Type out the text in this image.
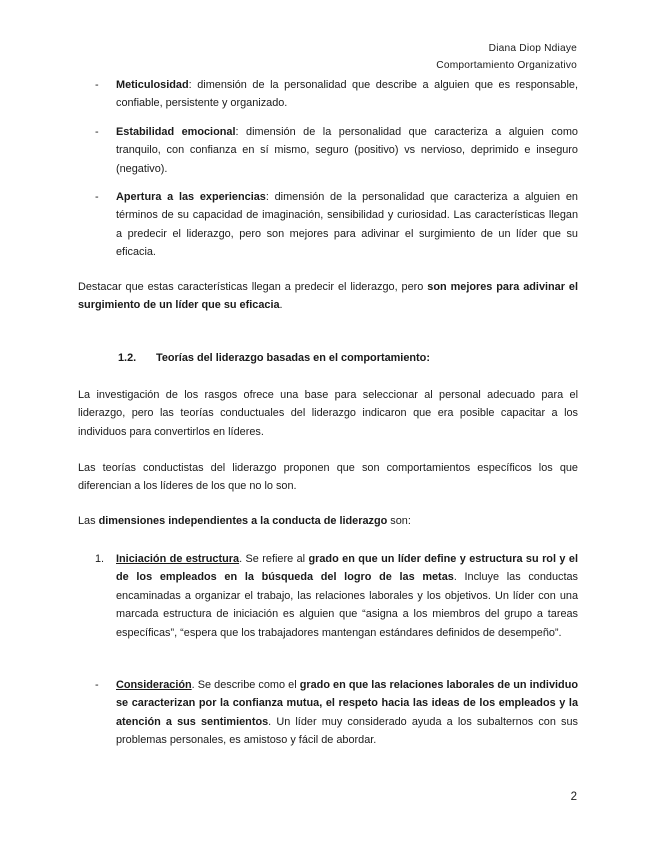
Diana Diop Ndiaye
Comportamiento Organizativo
- Meticulosidad: dimensión de la personalidad que describe a alguien que es responsable, confiable, persistente y organizado.
- Estabilidad emocional: dimensión de la personalidad que caracteriza a alguien como tranquilo, con confianza en sí mismo, seguro (positivo) vs nervioso, deprimido e inseguro (negativo).
- Apertura a las experiencias: dimensión de la personalidad que caracteriza a alguien en términos de su capacidad de imaginación, sensibilidad y curiosidad. Las características llegan a predecir el liderazgo, pero son mejores para adivinar el surgimiento de un líder que su eficacia.
Destacar que estas características llegan a predecir el liderazgo, pero son mejores para adivinar el surgimiento de un líder que su eficacia.
1.2. Teorías del liderazgo basadas en el comportamiento:
La investigación de los rasgos ofrece una base para seleccionar al personal adecuado para el liderazgo, pero las teorías conductuales del liderazgo indicaron que era posible capacitar a los individuos para convertirlos en líderes.
Las teorías conductistas del liderazgo proponen que son comportamientos específicos los que diferencian a los líderes de los que no lo son.
Las dimensiones independientes a la conducta de liderazgo son:
1. Iniciación de estructura. Se refiere al grado en que un líder define y estructura su rol y el de los empleados en la búsqueda del logro de las metas. Incluye las conductas encaminadas a organizar el trabajo, las relaciones laborales y los objetivos. Un líder con una marcada estructura de iniciación es alguien que “asigna a los miembros del grupo a tareas específicas”, “espera que los trabajadores mantengan estándares definidos de desempeño”.
- Consideración. Se describe como el grado en que las relaciones laborales de un individuo se caracterizan por la confianza mutua, el respeto hacia las ideas de los empleados y la atención a sus sentimientos. Un líder muy considerado ayuda a los subalternos con sus problemas personales, es amistoso y fácil de abordar.
2
